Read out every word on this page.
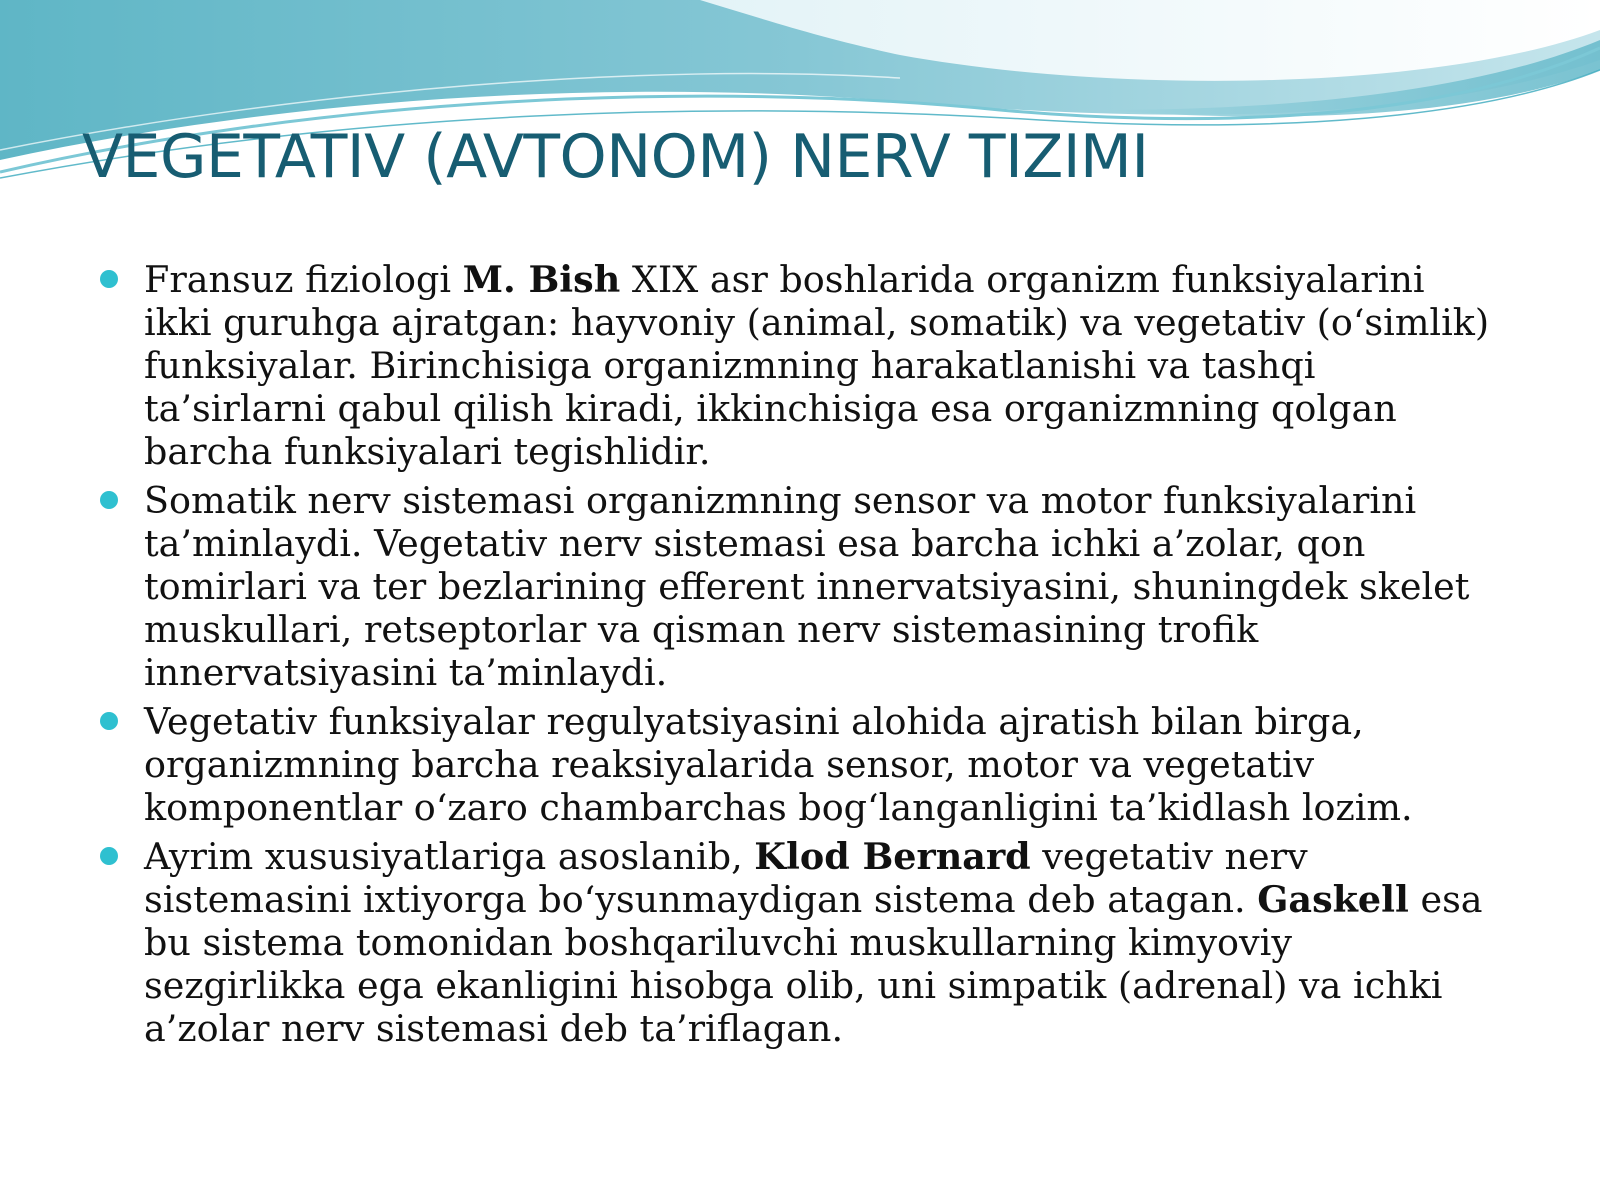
VEGETATIV (AVTONOM) NERV TIZIMI
Fransuz fiziologi M. Bish XIX asr boshlarida organizm funksiyalarini ikki guruhga ajratgan: hayvoniy (animal, somatik) va vegetativ (o‘simlik) funksiyalar. Birinchisiga organizmning harakatlanishi va tashqi ta’sirlarni qabul qilish kiradi, ikkinchisiga esa organizmning qolgan barcha funksiyalari tegishlidir.
Somatik nerv sistemasi organizmning sensor va motor funksiyalarini ta’minlaydi. Vegetativ nerv sistemasi esa barcha ichki a’zolar, qon tomirlari va ter bezlarining efferent innervatsiyasini, shuningdek skelet muskullari, retseptorlar va qisman nerv sistemasining trofik innervatsiyasini ta’minlaydi.
Vegetativ funksiyalar regulyatsiyasini alohida ajratish bilan birga, organizmning barcha reaksiyalarida sensor, motor va vegetativ komponentlar o‘zaro chambarchas bog‘langanligini ta’kidlash lozim.
Ayrim xususiyatlariga asoslanib, Klod Bernard vegetativ nerv sistemasini ixtiyorga bo‘ysunmaydigan sistema deb atagan. Gaskell esa bu sistema tomonidan boshqariluvchi muskullarning kimyoviy sezgirlikka ega ekanligini hisobga olib, uni simpatik (adrenal) va ichki a’zolar nerv sistemasi deb ta’riflagan.
